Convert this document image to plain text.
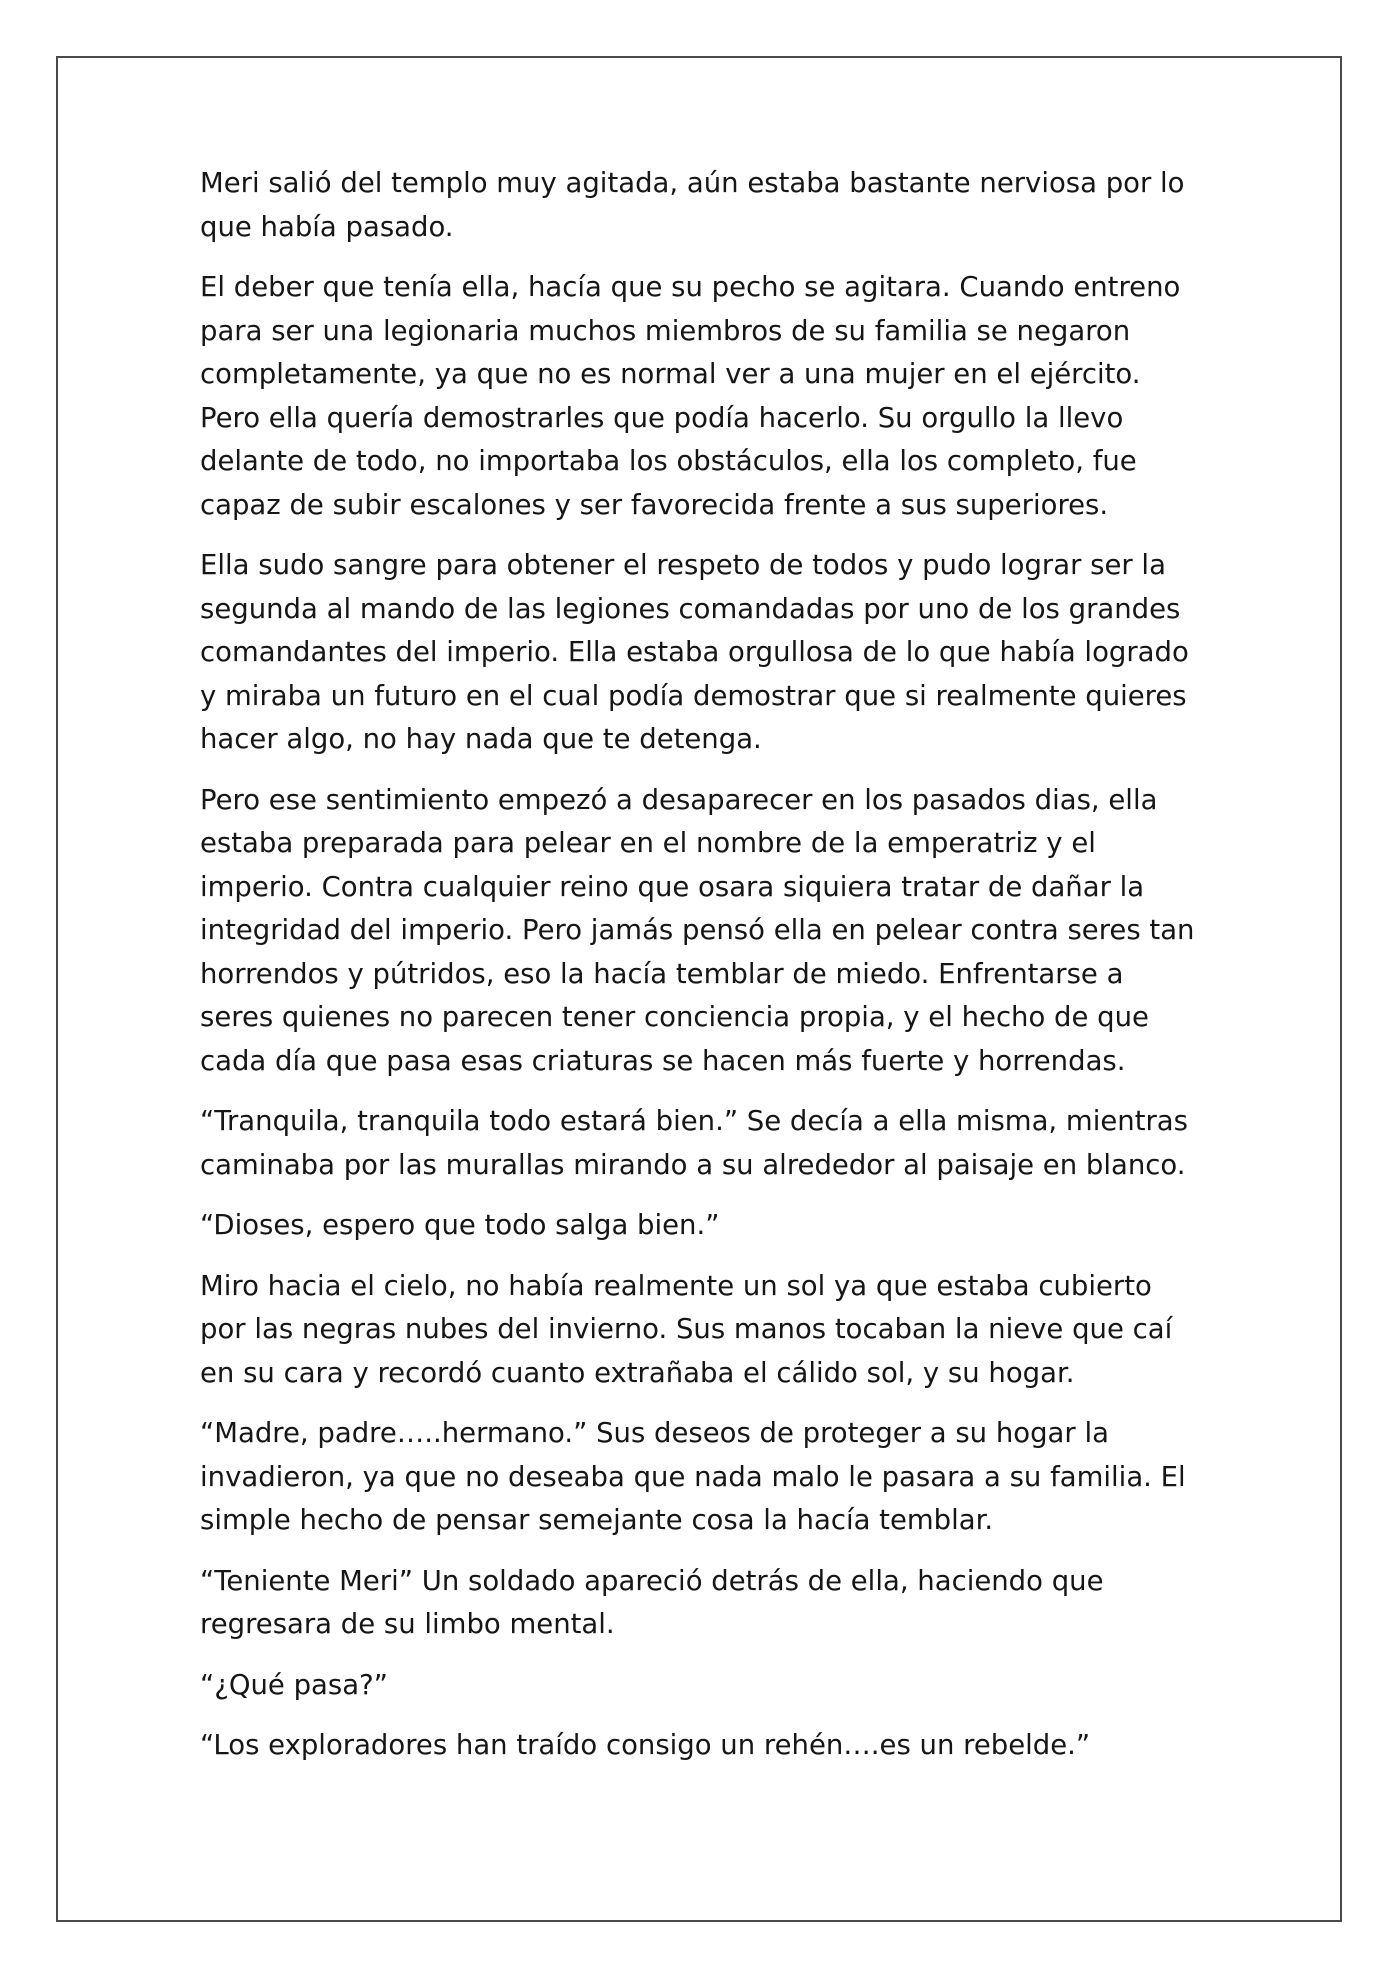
Meri salió del templo muy agitada, aún estaba bastante nerviosa por lo que había pasado.

El deber que tenía ella, hacía que su pecho se agitara. Cuando entreno para ser una legionaria muchos miembros de su familia se negaron completamente, ya que no es normal ver a una mujer en el ejército. Pero ella quería demostrarles que podía hacerlo. Su orgullo la llevo delante de todo, no importaba los obstáculos, ella los completo, fue capaz de subir escalones y ser favorecida frente a sus superiores.

Ella sudo sangre para obtener el respeto de todos y pudo lograr ser la segunda al mando de las legiones comandadas por uno de los grandes comandantes del imperio. Ella estaba orgullosa de lo que había logrado y miraba un futuro en el cual podía demostrar que si realmente quieres hacer algo, no hay nada que te detenga.

Pero ese sentimiento empezó a desaparecer en los pasados dias, ella estaba preparada para pelear en el nombre de la emperatriz y el imperio. Contra cualquier reino que osara siquiera tratar de dañar la integridad del imperio. Pero jamás pensó ella en pelear contra seres tan horrendos y pútridos, eso la hacía temblar de miedo. Enfrentarse a seres quienes no parecen tener conciencia propia, y el hecho de que cada día que pasa esas criaturas se hacen más fuerte y horrendas.

“Tranquila, tranquila todo estará bien.” Se decía a ella misma, mientras caminaba por las murallas mirando a su alrededor al paisaje en blanco.

“Dioses, espero que todo salga bien.”

Miro hacia el cielo, no había realmente un sol ya que estaba cubierto por las negras nubes del invierno. Sus manos tocaban la nieve que caí en su cara y recordó cuanto extrañaba el cálido sol, y su hogar.

“Madre, padre…..hermano.” Sus deseos de proteger a su hogar la invadieron, ya que no deseaba que nada malo le pasara a su familia. El simple hecho de pensar semejante cosa la hacía temblar.

“Teniente Meri” Un soldado apareció detrás de ella, haciendo que regresara de su limbo mental.

“¿Qué pasa?”

“Los exploradores han traído consigo un rehén….es un rebelde.”
